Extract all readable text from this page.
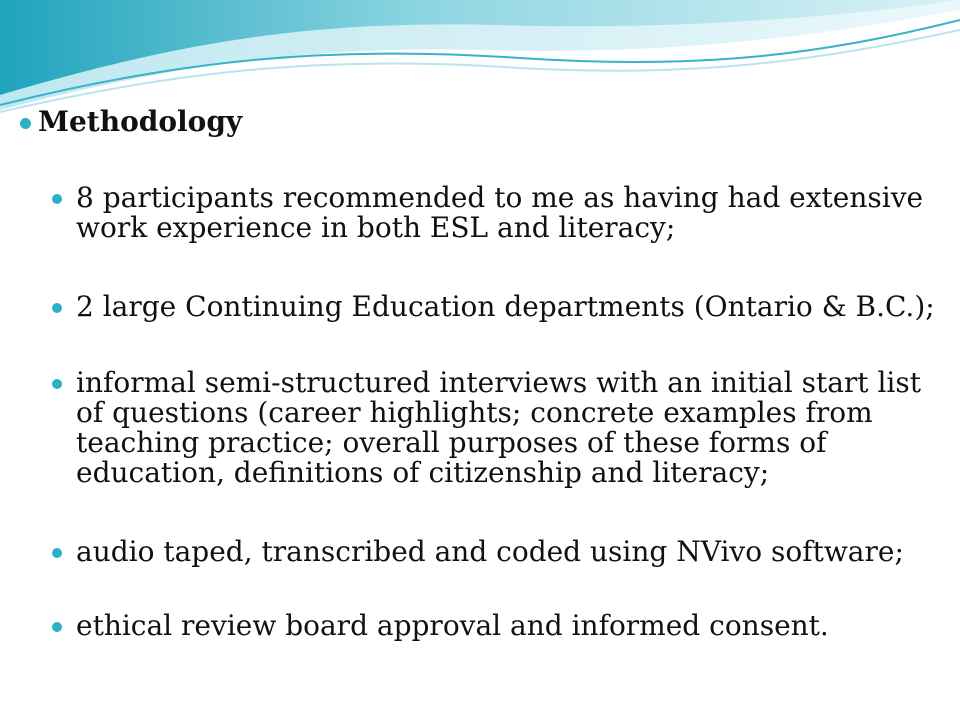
Methodology
8 participants recommended to me as having had extensive work experience in both ESL and literacy;
2 large Continuing Education departments (Ontario & B.C.);
informal semi-structured interviews with an initial start list of questions (career highlights; concrete examples from teaching practice; overall purposes of these forms of education, definitions of citizenship and literacy;
audio taped, transcribed and coded using NVivo software;
ethical review board approval and informed consent.
